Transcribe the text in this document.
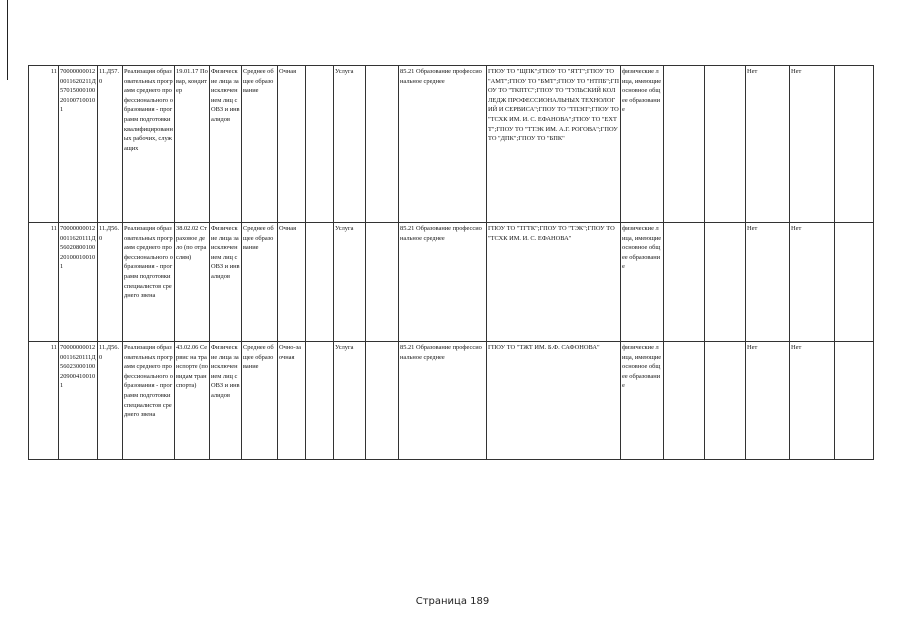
11	700000000120011620211Д57015000100201007100101	11.Д57.0	Реализация образовательных программ среднего профессионального образования - программ подготовки квалифицированных рабочих, служащих	19.01.17 Повар, кондитер	Физические лица за исключением лиц с ОВЗ и инвалидов	Среднее общее образование	Очная		Услуга		85.21 Образование профессиональное среднее	ГПОУ ТО "ЩПК";ГПОУ ТО "ЯТТ";ГПОУ ТО "АМТ";ГПОУ ТО "БМТ";ГПОУ ТО "НТПБ";ГПОУ ТО "ТКПТС";ГПОУ ТО "ТУЛЬСКИЙ КОЛЛЕДЖ ПРОФЕССИОНАЛЬНЫХ ТЕХНОЛОГИЙ И СЕРВИСА";ГПОУ ТО "ТПЭП";ГПОУ ТО "ТСХК ИМ. И. С. ЕФАНОВА";ГПОУ ТО "ЕХТТ";ГПОУ ТО "ТТЭК ИМ. А.Г. РОГОВА";ГПОУ ТО "ДПК";ГПОУ ТО "БПК"	физические лица, имеющие основное общее образование			Нет	Нет	
11	700000000120011620111Д56020800100201000100101	11.Д56.0	Реализация образовательных программ среднего профессионального образования - программ подготовки специалистов среднего звена	38.02.02 Страховое дело (по отраслям)	Физические лица за исключением лиц с ОВЗ и инвалидов	Среднее общее образование	Очная		Услуга		85.21 Образование профессиональное среднее	ГПОУ ТО "ТГТК";ГПОУ ТО "ТЭК";ГПОУ ТО "ТСХК ИМ. И. С. ЕФАНОВА"	физические лица, имеющие основное общее образование			Нет	Нет	
11	700000000120011620111Д56023000100209004100101	11.Д56.0	Реализация образовательных программ среднего профессионального образования - программ подготовки специалистов среднего звена	43.02.06 Сервис на транспорте (по видам транспорта)	Физические лица за исключением лиц с ОВЗ и инвалидов	Среднее общее образование	Очно-заочная		Услуга		85.21 Образование профессиональное среднее	ГПОУ ТО "ТЖТ ИМ. Б.Ф. САФОНОВА"	физические лица, имеющие основное общее образование			Нет	Нет	
Страница 189
